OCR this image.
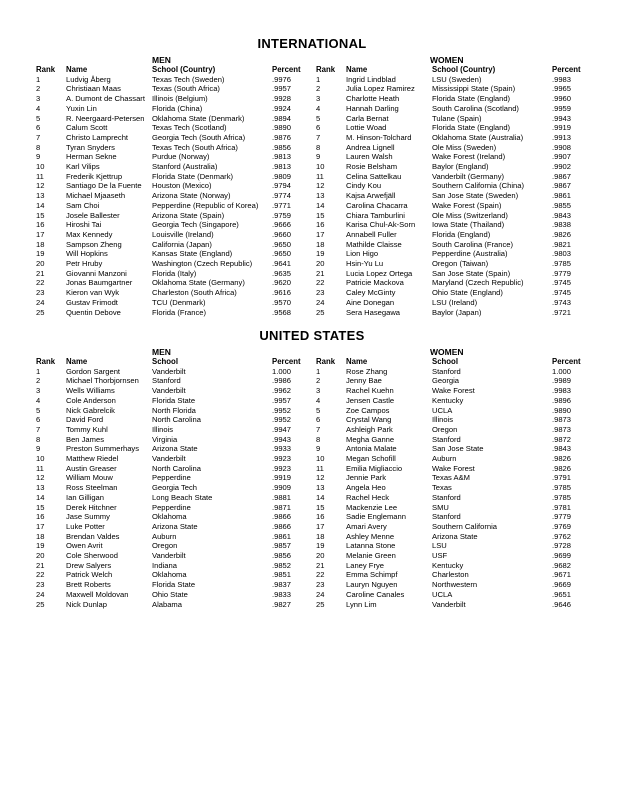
INTERNATIONAL
MEN
Rank	Name	School (Country)	Percent
1	Ludvig Åberg	Texas Tech (Sweden)	.9976
2	Christiaan Maas	Texas (South Africa)	.9957
3	A. Dumont de Chassart	Illinois (Belgium)	.9928
4	Yuxin Lin	Florida (China)	.9924
5	R. Neergaard-Petersen	Oklahoma State (Denmark)	.9894
6	Calum Scott	Texas Tech (Scotland)	.9890
7	Christo Lamprecht	Georgia Tech (South Africa)	.9876
8	Tyran Snyders	Texas Tech (South Africa)	.9856
9	Herman Sekne	Purdue (Norway)	.9813
10	Karl Vilips	Stanford (Australia)	.9813
11	Frederik Kjettrup	Florida State (Denmark)	.9809
12	Santiago De la Fuente	Houston (Mexico)	.9794
13	Michael Mjaaseth	Arizona State (Norway)	.9774
14	Sam Choi	Pepperdine (Republic of Korea)	.9771
15	Josele Ballester	Arizona State (Spain)	.9759
16	Hiroshi Tai	Georgia Tech (Singapore)	.9666
17	Max Kennedy	Louisville (Ireland)	.9660
18	Sampson Zheng	California (Japan)	.9650
19	Will Hopkins	Kansas State (England)	.9650
20	Petr Hruby	Washington (Czech Republic)	.9641
21	Giovanni Manzoni	Florida (Italy)	.9635
22	Jonas Baumgartner	Oklahoma State (Germany)	.9620
23	Kieron van Wyk	Charleston (South Africa)	.9616
24	Gustav Frimodt	TCU (Denmark)	.9570
25	Quentin Debove	Florida (France)	.9568
WOMEN
Rank	Name	School (Country)	Percent
1	Ingrid Lindblad	LSU (Sweden)	.9983
2	Julia Lopez Ramirez	Mississippi State (Spain)	.9965
3	Charlotte Heath	Florida State (England)	.9960
4	Hannah Darling	South Carolina (Scotland)	.9959
5	Carla Bernat	Tulane (Spain)	.9943
6	Lottie Woad	Florida State (England)	.9919
7	M. Hinson-Tolchard	Oklahoma State (Australia)	.9913
8	Andrea Lignell	Ole Miss (Sweden)	.9908
9	Lauren Walsh	Wake Forest (Ireland)	.9907
10	Rosie Belsham	Baylor (England)	.9902
11	Celina Sattelkau	Vanderbilt (Germany)	.9867
12	Cindy Kou	Southern California (China)	.9867
13	Kajsa Arwefjäll	San Jose State (Sweden)	.9861
14	Carolina Chacarra	Wake Forest (Spain)	.9855
15	Chiara Tamburlini	Ole Miss (Switzerland)	.9843
16	Karisa Chul-Ak-Sorn	Iowa State (Thailand)	.9838
17	Annabell Fuller	Florida (England)	.9826
18	Mathilde Claisse	South Carolina (France)	.9821
19	Lion Higo	Pepperdine (Australia)	.9803
20	Hsin-Yu Lu	Oregon (Taiwan)	.9785
21	Lucia Lopez Ortega	San Jose State (Spain)	.9779
22	Patricie Mackova	Maryland (Czech Republic)	.9745
23	Caley McGinty	Ohio State (England)	.9745
24	Aine Donegan	LSU (Ireland)	.9743
25	Sera Hasegawa	Baylor (Japan)	.9721
UNITED STATES
MEN
Rank	Name	School	Percent
1	Gordon Sargent	Vanderbilt	1.000
2	Michael Thorbjornsen	Stanford	.9986
3	Wells Williams	Vanderbilt	.9962
4	Cole Anderson	Florida State	.9957
5	Nick Gabrelcik	North Florida	.9952
6	David Ford	North Carolina	.9952
7	Tommy Kuhl	Illinois	.9947
8	Ben James	Virginia	.9943
9	Preston Summerhays	Arizona State	.9933
10	Matthew Riedel	Vanderbilt	.9923
11	Austin Greaser	North Carolina	.9923
12	William Mouw	Pepperdine	.9919
13	Ross Steelman	Georgia Tech	.9909
14	Ian Gilligan	Long Beach State	.9881
15	Derek Hitchner	Pepperdine	.9871
16	Jase Summy	Oklahoma	.9866
17	Luke Potter	Arizona State	.9866
18	Brendan Valdes	Auburn	.9861
19	Owen Avrit	Oregon	.9857
20	Cole Sherwood	Vanderbilt	.9856
21	Drew Salyers	Indiana	.9852
22	Patrick Welch	Oklahoma	.9851
23	Brett Roberts	Florida State	.9837
24	Maxwell Moldovan	Ohio State	.9833
25	Nick Dunlap	Alabama	.9827
WOMEN
Rank	Name	School	Percent
1	Rose Zhang	Stanford	1.000
2	Jenny Bae	Georgia	.9989
3	Rachel Kuehn	Wake Forest	.9983
4	Jensen Castle	Kentucky	.9896
5	Zoe Campos	UCLA	.9890
6	Crystal Wang	Illinois	.9873
7	Ashleigh Park	Oregon	.9873
8	Megha Ganne	Stanford	.9872
9	Antonia Malate	San Jose State	.9843
10	Megan Schofill	Auburn	.9826
11	Emilia Migliaccio	Wake Forest	.9826
12	Jennie Park	Texas A&M	.9791
13	Angela Heo	Texas	.9785
14	Rachel Heck	Stanford	.9785
15	Mackenzie Lee	SMU	.9781
16	Sadie Englemann	Stanford	.9779
17	Amari Avery	Southern California	.9769
18	Ashley Menne	Arizona State	.9762
19	Latanna Stone	LSU	.9728
20	Melanie Green	USF	.9699
21	Laney Frye	Kentucky	.9682
22	Emma Schimpf	Charleston	.9671
23	Lauryn Nguyen	Northwestern	.9669
24	Caroline Canales	UCLA	.9651
25	Lynn Lim	Vanderbilt	.9646
